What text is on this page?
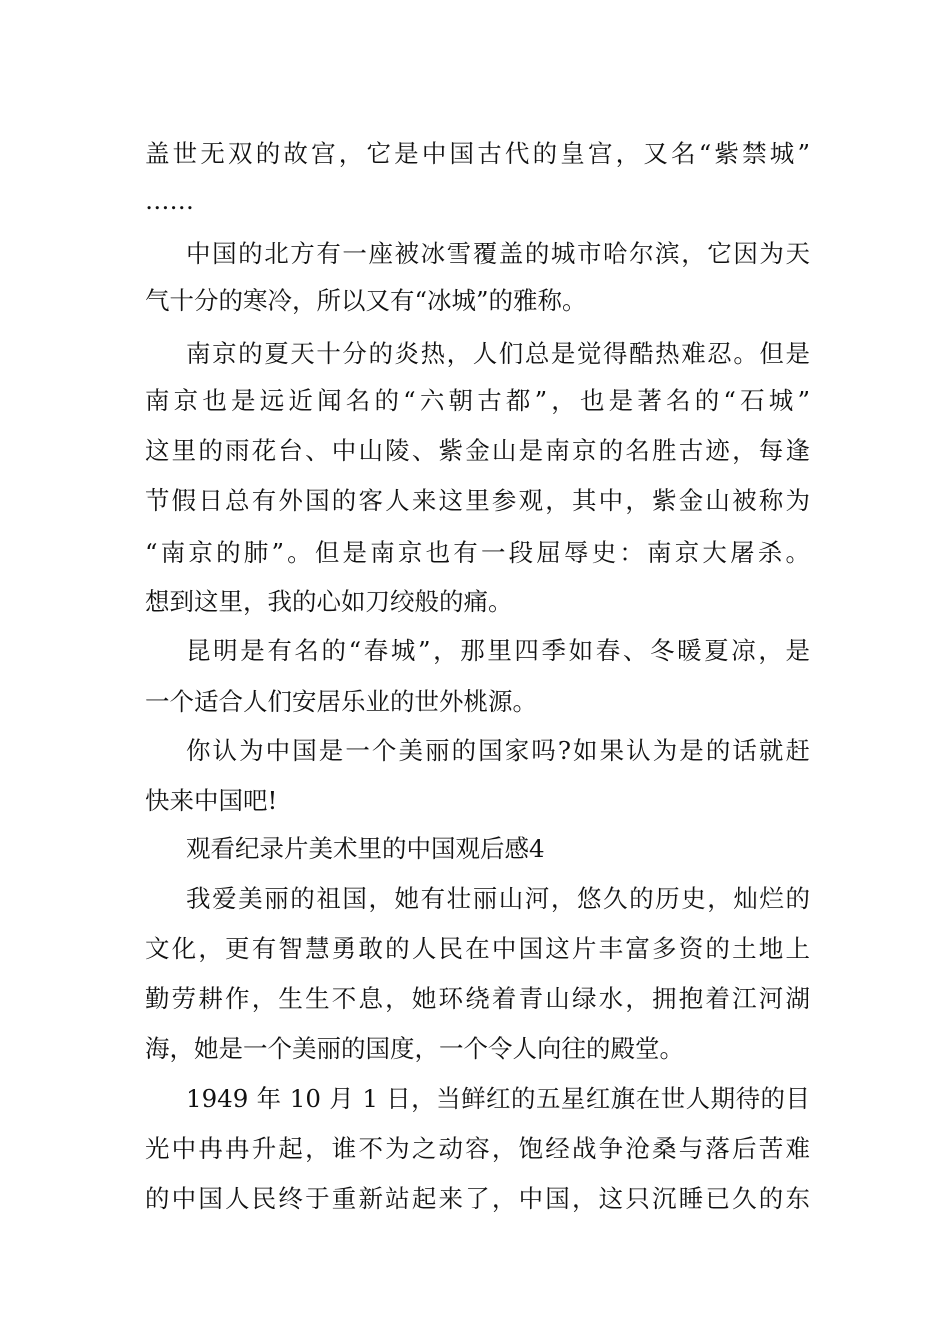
盖世无双的故宫，它是中国古代的皇宫，又名“紫禁城”
……
中国的北方有一座被冰雪覆盖的城市哈尔滨，它因为天
气十分的寒冷，所以又有“冰城”的雅称。
南京的夏天十分的炎热，人们总是觉得酷热难忍。但是
南京也是远近闻名的“六朝古都”，也是著名的“石城”
这里的雨花台、中山陵、紫金山是南京的名胜古迹，每逢
节假日总有外国的客人来这里参观，其中，紫金山被称为
“南京的肺”。但是南京也有一段屈辱史：南京大屠杀。
想到这里，我的心如刀绞般的痛。
昆明是有名的“春城”，那里四季如春、冬暖夏凉，是
一个适合人们安居乐业的世外桃源。
你认为中国是一个美丽的国家吗?如果认为是的话就赶
快来中国吧!
观看纪录片美术里的中国观后感4
我爱美丽的祖国，她有壮丽山河，悠久的历史，灿烂的
文化，更有智慧勇敢的人民在中国这片丰富多资的土地上
勤劳耕作，生生不息，她环绕着青山绿水，拥抱着江河湖
海，她是一个美丽的国度，一个令人向往的殿堂。
1949 年 10 月 1 日，当鲜红的五星红旗在世人期待的目
光中冉冉升起，谁不为之动容，饱经战争沧桑与落后苦难
的中国人民终于重新站起来了，中国，这只沉睡已久的东
